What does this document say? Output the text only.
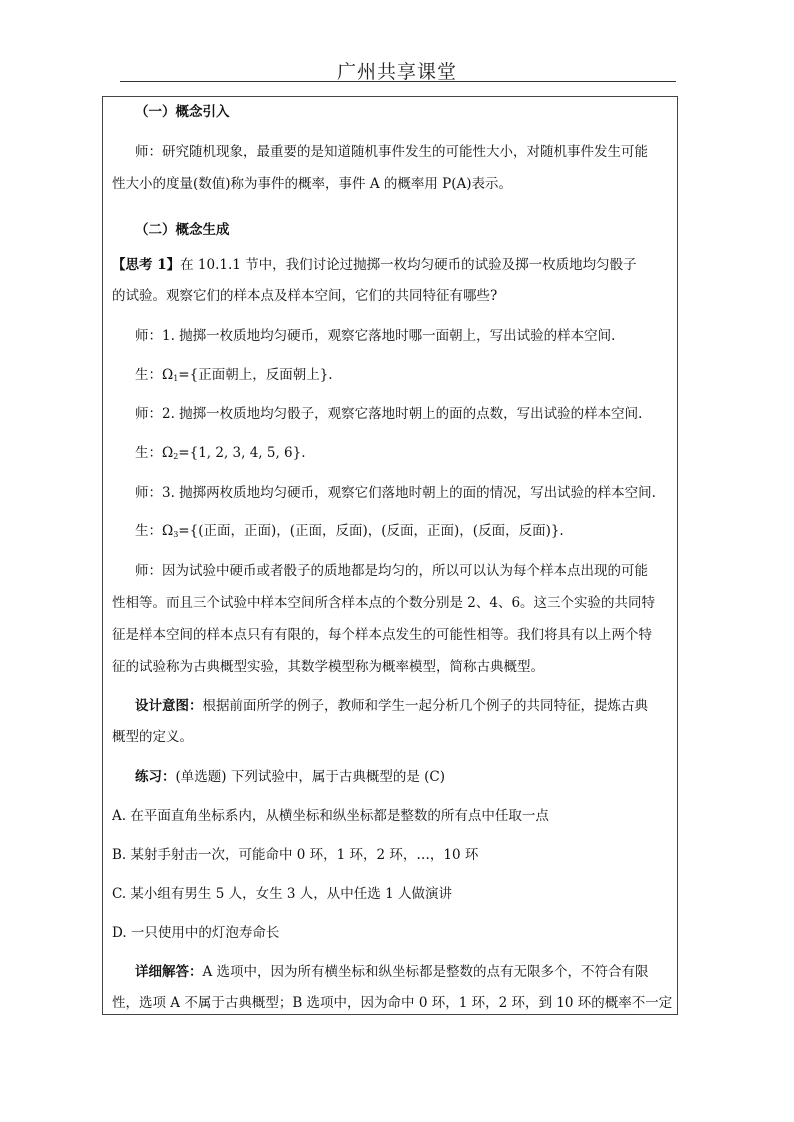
广州共享课堂
（一）概念引入
师：研究随机现象，最重要的是知道随机事件发生的可能性大小，对随机事件发生可能
性大小的度量(数值)称为事件的概率，事件 A 的概率用 P(A)表示。
（二）概念生成
【思考 1】在 10.1.1 节中，我们讨论过抛掷一枚均匀硬币的试验及掷一枚质地均匀骰子
的试验。观察它们的样本点及样本空间，它们的共同特征有哪些?
师：1. 抛掷一枚质地均匀硬币，观察它落地时哪一面朝上，写出试验的样本空间.
生：$\Omega_1=${正面朝上，反面朝上}.
师：2. 抛掷一枚质地均匀骰子，观察它落地时朝上的面的点数，写出试验的样本空间.
生：$\Omega_2=\{1$, 2, 3, 4, 5, 6}.
师：3. 抛掷两枚质地均匀硬币，观察它们落地时朝上的面的情况，写出试验的样本空间.
生：$\Omega_3=${(正面，正面)，(正面，反面)，(反面，正面)，(反面，反面)}.
师：因为试验中硬币或者骰子的质地都是均匀的，所以可以认为每个样本点出现的可能
性相等。而且三个试验中样本空间所含样本点的个数分别是 2、4、6。这三个实验的共同特
征是样本空间的样本点只有有限的，每个样本点发生的可能性相等。我们将具有以上两个特
征的试验称为古典概型实验，其数学模型称为概率模型，简称古典概型。
设计意图：根据前面所学的例子，教师和学生一起分析几个例子的共同特征，提炼古典
概型的定义。
练习：(单选题) 下列试验中，属于古典概型的是 (C)
A. 在平面直角坐标系内，从横坐标和纵坐标都是整数的所有点中任取一点
B. 某射手射击一次，可能命中 0 环，1 环，2 环，…，10 环
C. 某小组有男生 5 人，女生 3 人，从中任选 1 人做演讲
D. 一只使用中的灯泡寿命长
详细解答：A 选项中，因为所有横坐标和纵坐标都是整数的点有无限多个，不符合有限
性，选项 A 不属于古典概型；B 选项中，因为命中 0 环，1 环，2 环，到 10 环的概率不一定
